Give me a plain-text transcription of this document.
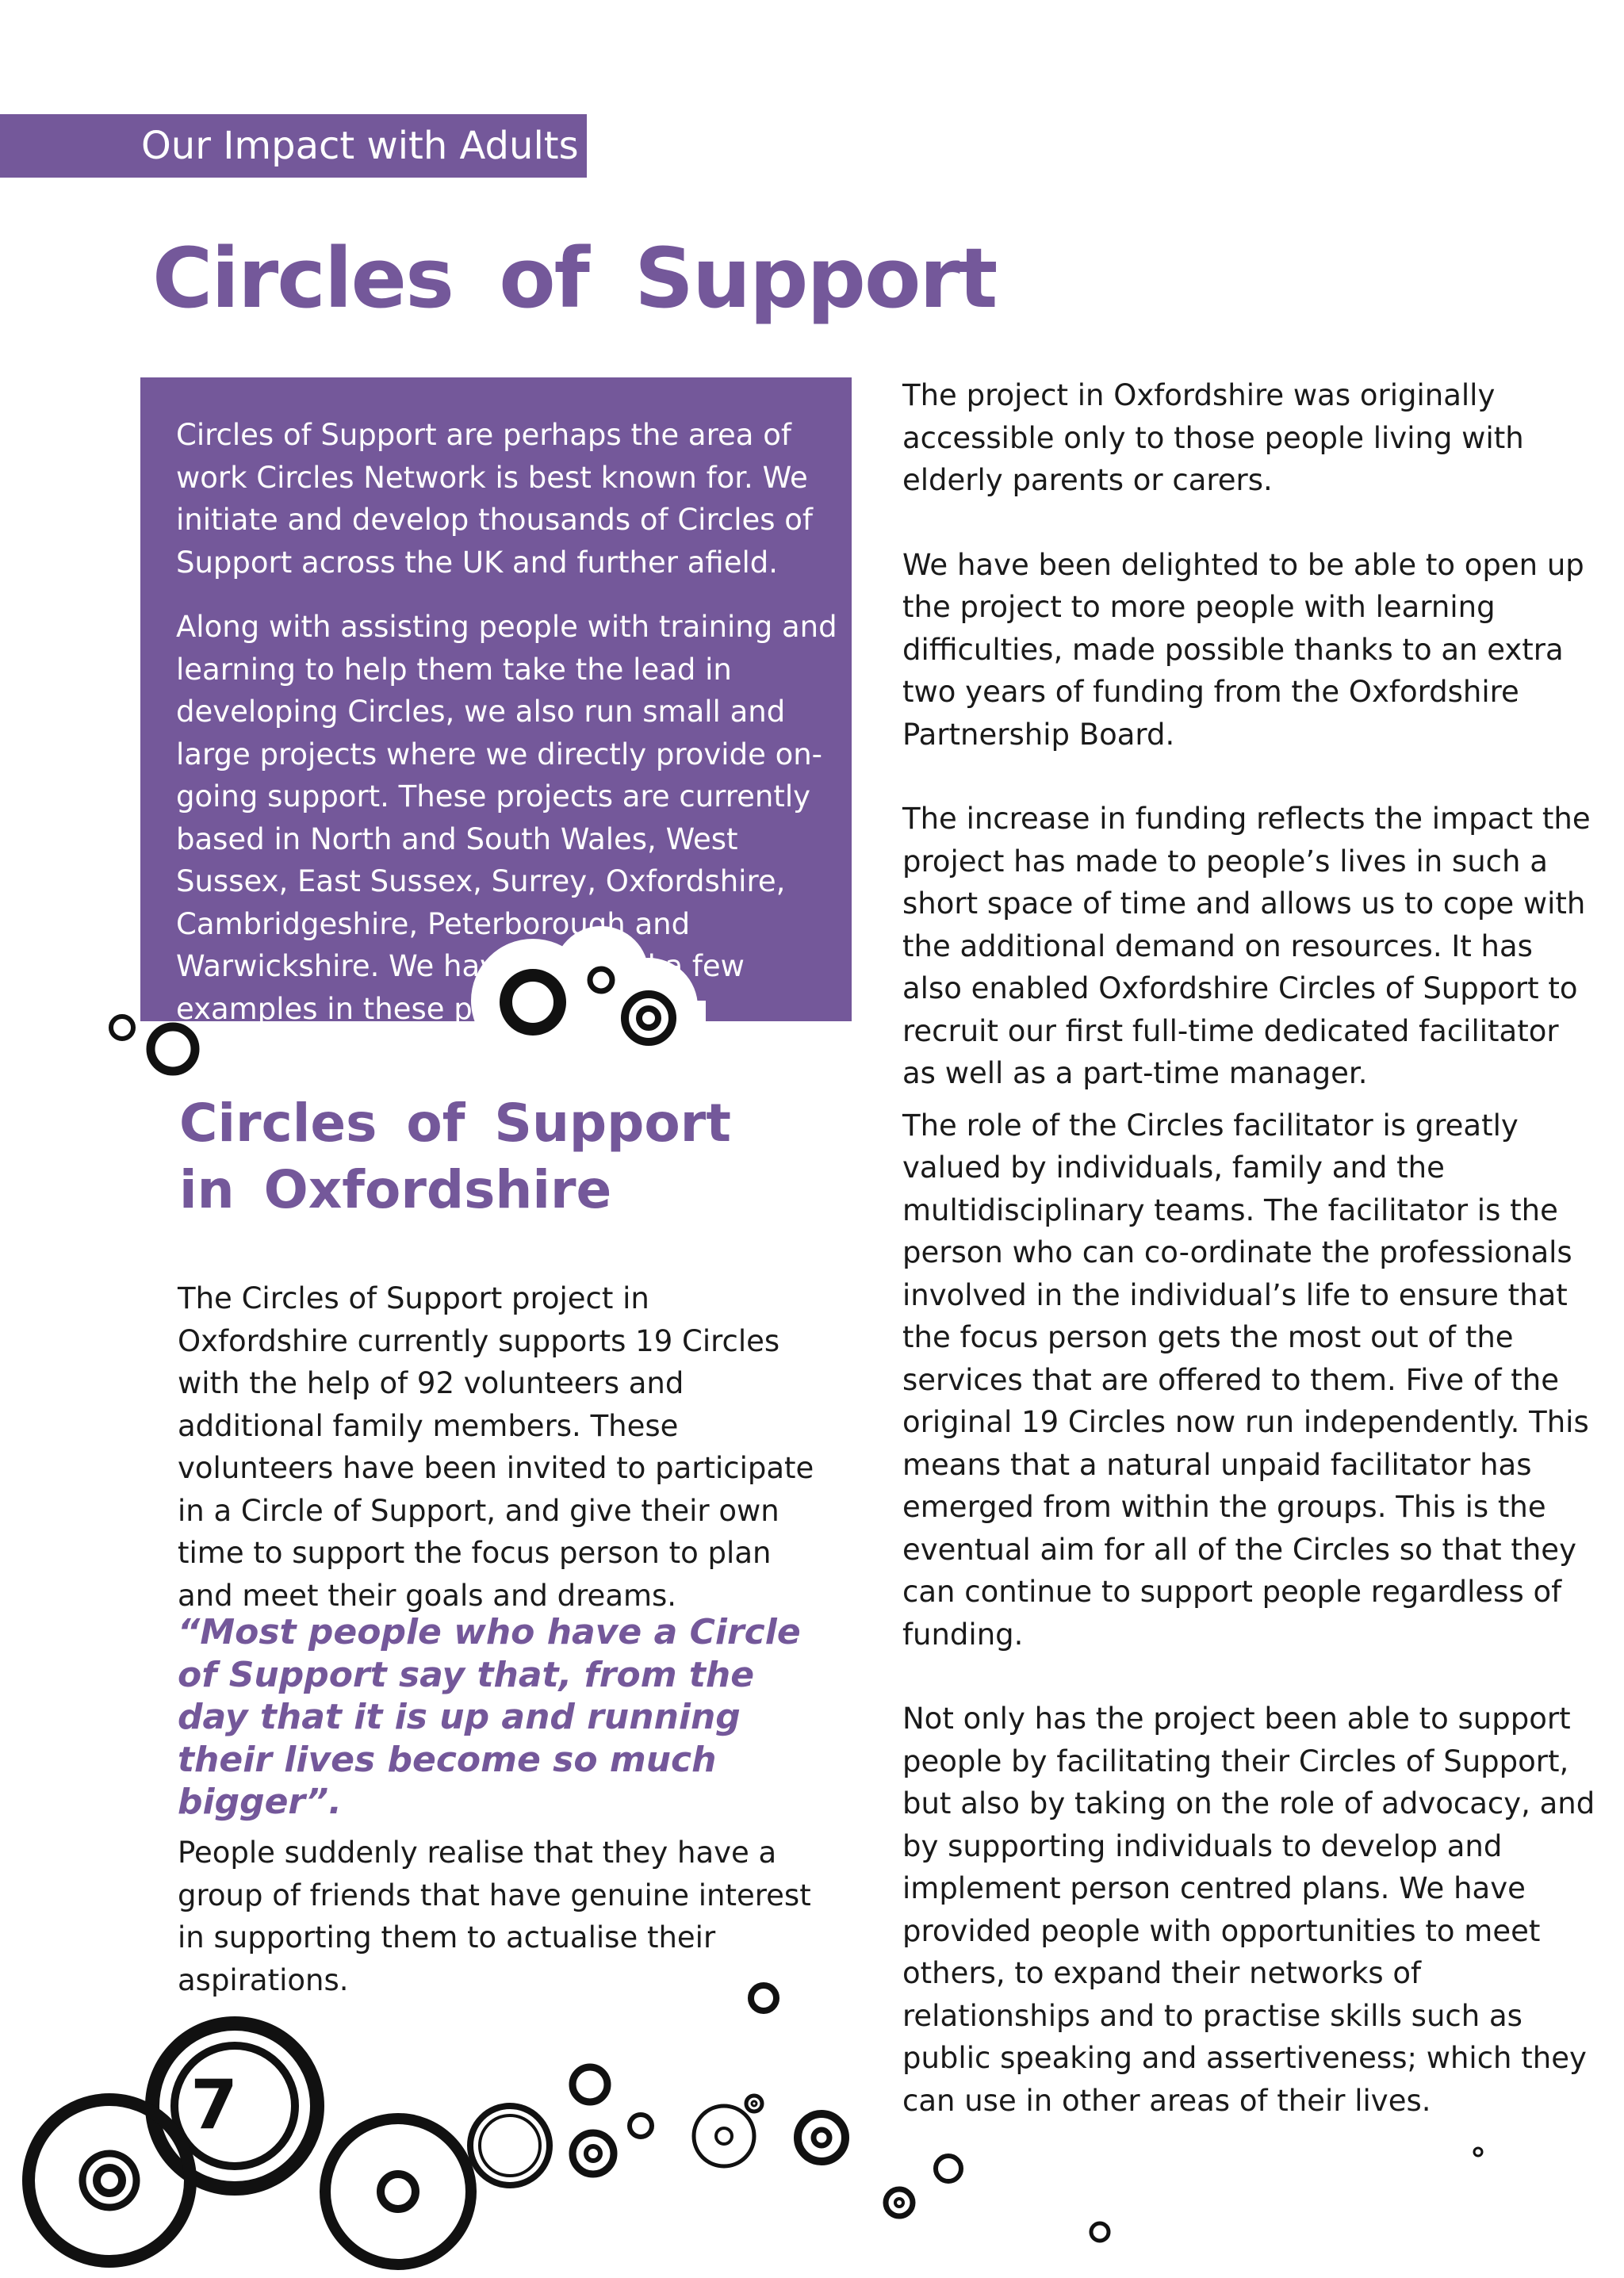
Our Impact with Adults
Circles of Support

Circles of Support are perhaps the area of work Circles Network is best known for. We initiate and develop thousands of Circles of Support across the UK and further afield.

Along with assisting people with training and learning to help them take the lead in developing Circles, we also run small and large projects where we directly provide on-going support. These projects are currently based in North and South Wales, West Sussex, East Sussex, Surrey, Oxfordshire, Cambridgeshire, Peterborough and Warwickshire. We have captured a few examples in these pages.

Circles of Support
in Oxfordshire

The Circles of Support project in Oxfordshire currently supports 19 Circles with the help of 92 volunteers and additional family members. These volunteers have been invited to participate in a Circle of Support, and give their own time to support the focus person to plan and meet their goals and dreams.

“Most people who have a Circle of Support say that, from the day that it is up and running their lives become so much bigger”.

People suddenly realise that they have a group of friends that have genuine interest in supporting them to actualise their aspirations.

The project in Oxfordshire was originally accessible only to those people living with elderly parents or carers.

We have been delighted to be able to open up the project to more people with learning difficulties, made possible thanks to an extra two years of funding from the Oxfordshire Partnership Board.

The increase in funding reflects the impact the project has made to people’s lives in such a short space of time and allows us to cope with the additional demand on resources. It has also enabled Oxfordshire Circles of Support to recruit our first full-time dedicated facilitator as well as a part-time manager.

The role of the Circles facilitator is greatly valued by individuals, family and the multidisciplinary teams. The facilitator is the person who can co-ordinate the professionals involved in the individual’s life to ensure that the focus person gets the most out of the services that are offered to them. Five of the original 19 Circles now run independently. This means that a natural unpaid facilitator has emerged from within the groups. This is the eventual aim for all of the Circles so that they can continue to support people regardless of funding.

Not only has the project been able to support people by facilitating their Circles of Support, but also by taking on the role of advocacy, and by supporting individuals to develop and implement person centred plans. We have provided people with opportunities to meet others, to expand their networks of relationships and to practise skills such as public speaking and assertiveness; which they can use in other areas of their lives.

7
